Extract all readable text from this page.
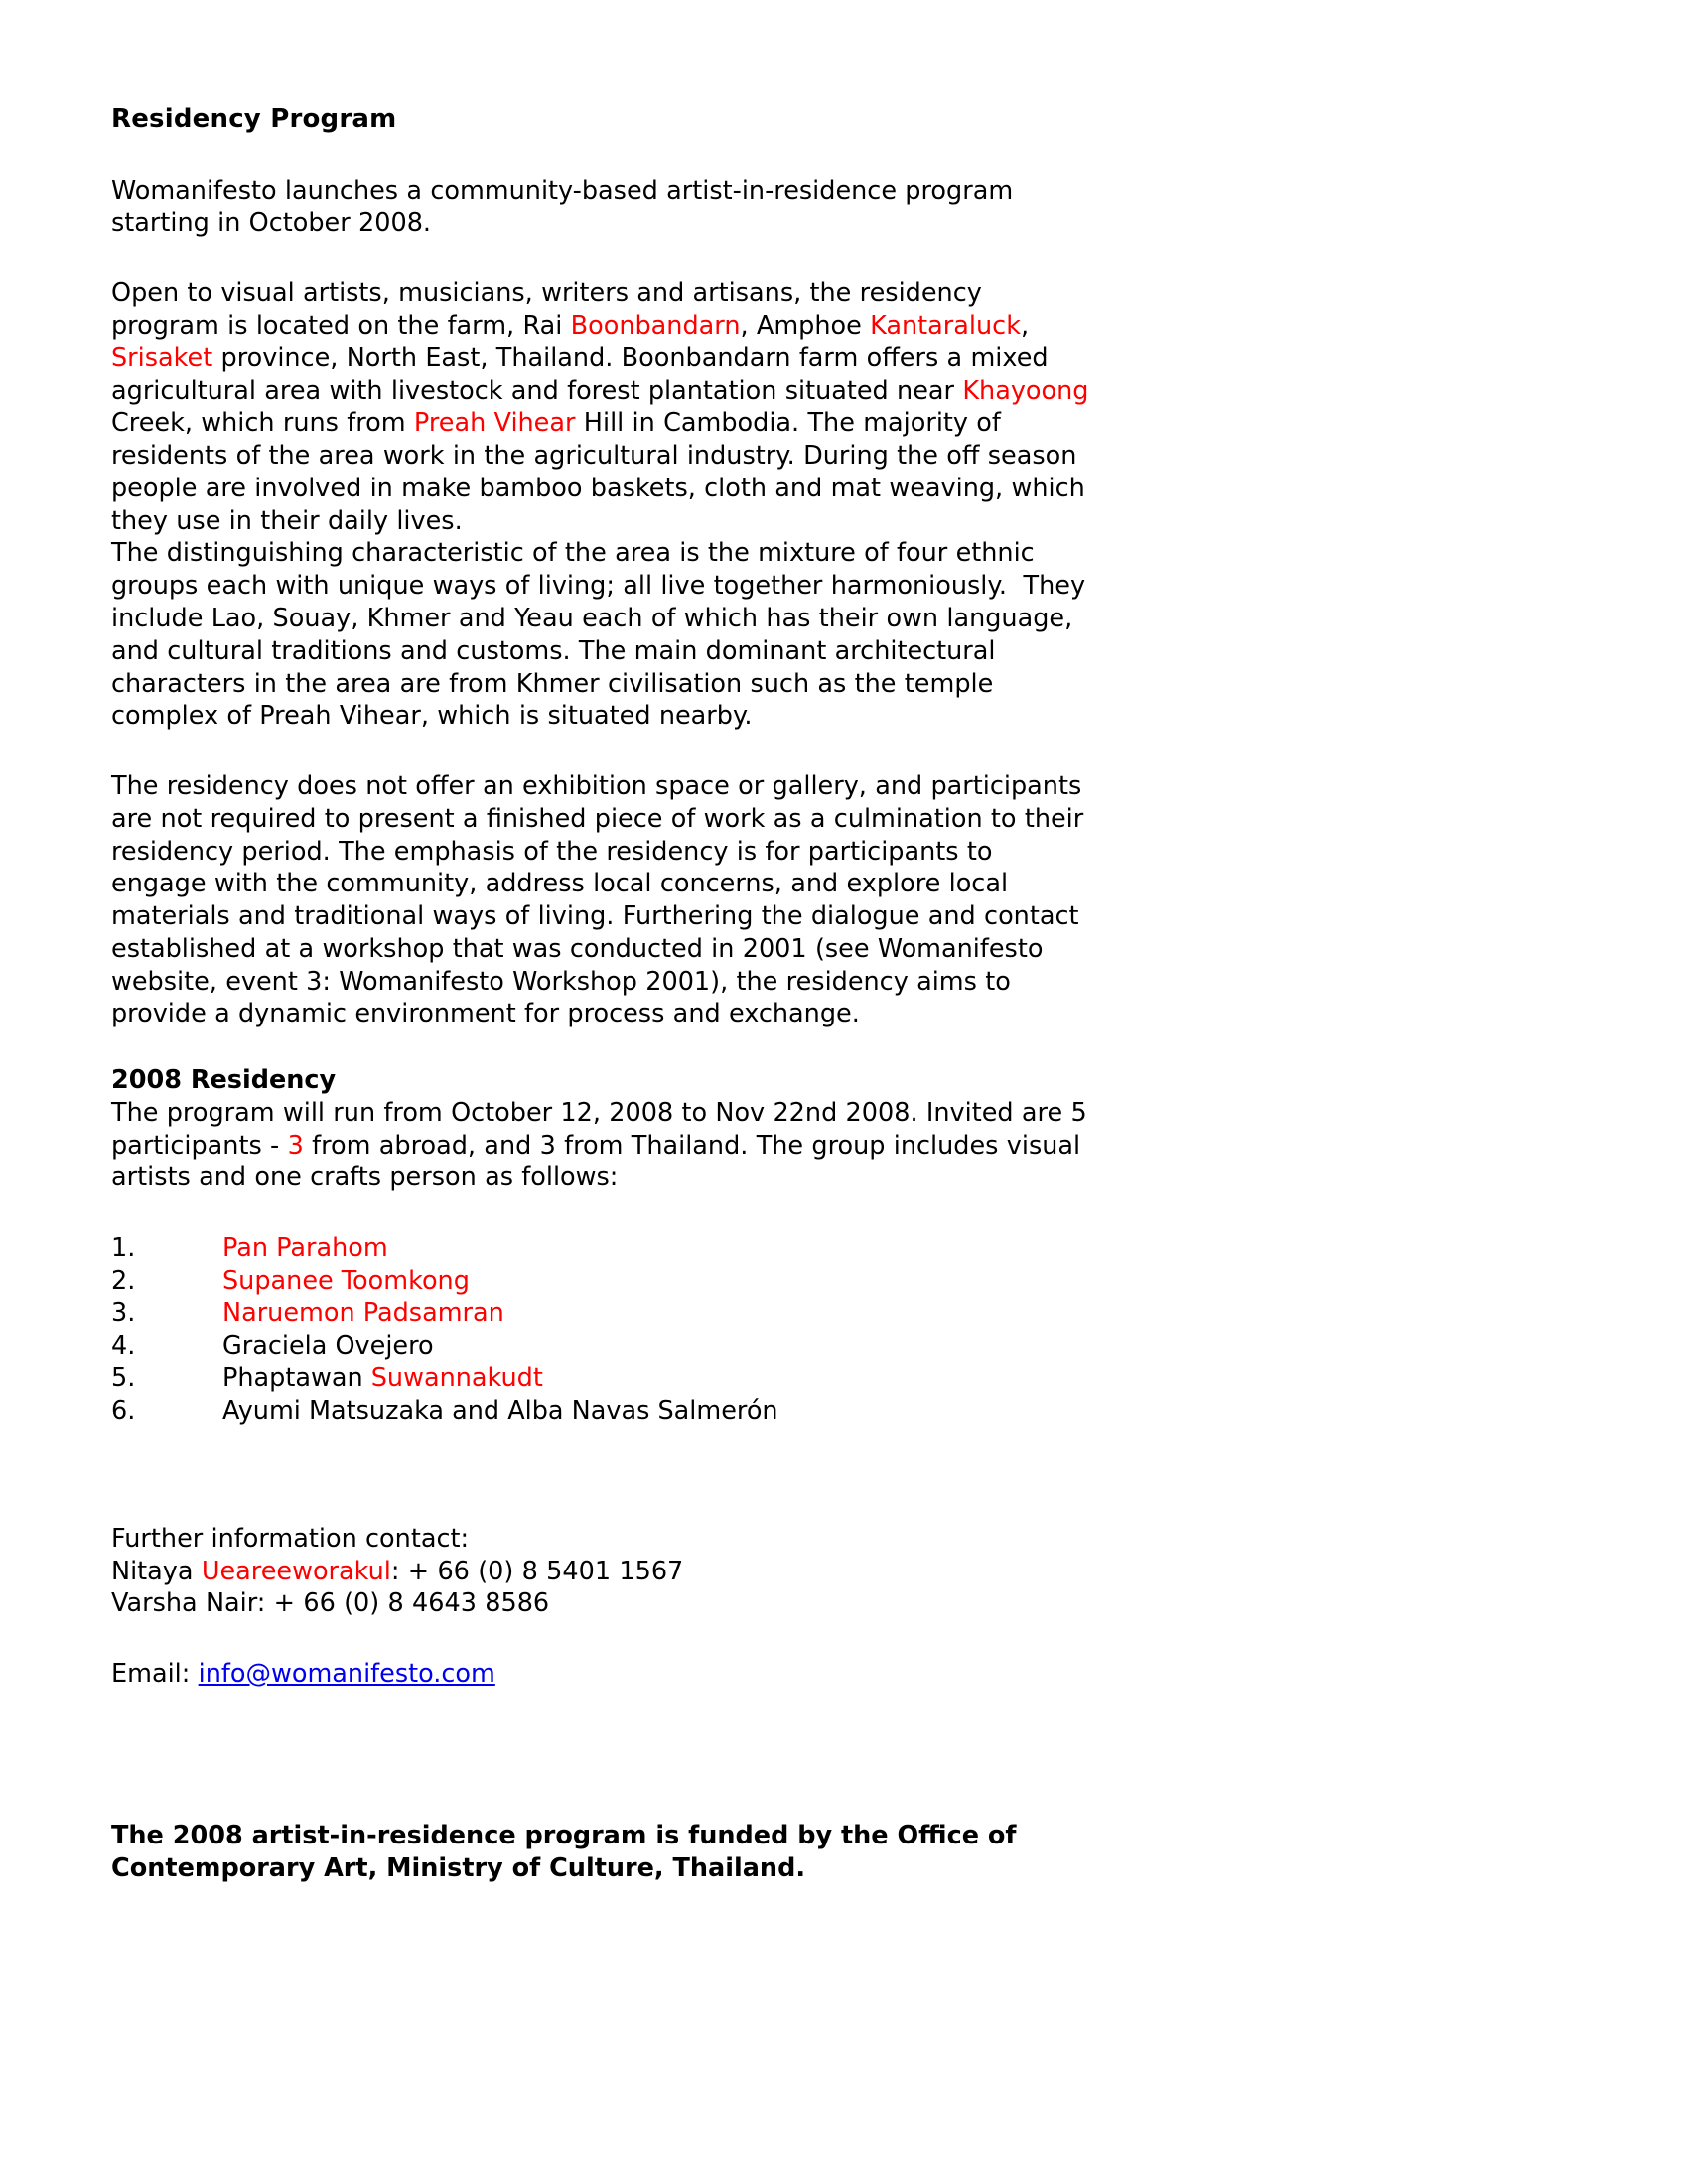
Residency Program

Womanifesto launches a community-based artist-in-residence program starting in October 2008.

Open to visual artists, musicians, writers and artisans, the residency program is located on the farm, Rai Boonbandarn, Amphoe Kantaraluck, Srisaket province, North East, Thailand. Boonbandarn farm offers a mixed agricultural area with livestock and forest plantation situated near Khayoong Creek, which runs from Preah Vihear Hill in Cambodia. The majority of residents of the area work in the agricultural industry. During the off season people are involved in make bamboo baskets, cloth and mat weaving, which they use in their daily lives.

The distinguishing characteristic of the area is the mixture of four ethnic groups each with unique ways of living; all live together harmoniously.  They include Lao, Souay, Khmer and Yeau each of which has their own language, and cultural traditions and customs. The main dominant architectural characters in the area are from Khmer civilisation such as the temple complex of Preah Vihear, which is situated nearby.

The residency does not offer an exhibition space or gallery, and participants are not required to present a finished piece of work as a culmination to their residency period. The emphasis of the residency is for participants to engage with the community, address local concerns, and explore local materials and traditional ways of living. Furthering the dialogue and contact established at a workshop that was conducted in 2001 (see Womanifesto website, event 3: Womanifesto Workshop 2001), the residency aims to provide a dynamic environment for process and exchange.

2008 Residency

The program will run from October 12, 2008 to Nov 22nd 2008. Invited are 5 participants - 3 from abroad, and 3 from Thailand. The group includes visual artists and one crafts person as follows:

1.	Pan Parahom
2.	Supanee Toomkong
3.	Naruemon Padsamran
4.	Graciela Ovejero
5.	Phaptawan Suwannakudt
6.	Ayumi Matsuzaka and Alba Navas Salmerón

Further information contact:

Nitaya Ueareeworakul: + 66 (0) 8 5401 1567

Varsha Nair: + 66 (0) 8 4643 8586

Email: info@womanifesto.com

The 2008 artist-in-residence program is funded by the Office of Contemporary Art, Ministry of Culture, Thailand.
